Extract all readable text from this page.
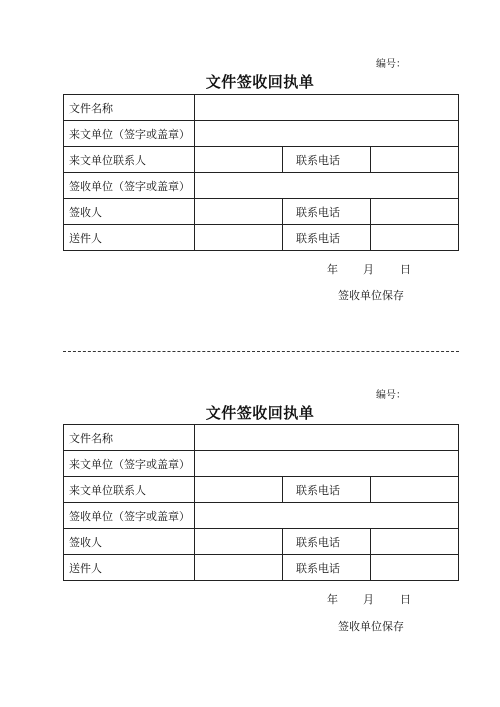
编号：
文件签收回执单
文件名称			
来文单位（签字或盖章）			
来文单位联系人		联系电话	
签收单位（签字或盖章）			
签收人		联系电话	
送件人		联系电话	
年 月 日
签收单位保存
编号：
文件签收回执单
文件名称			
来文单位（签字或盖章）			
来文单位联系人		联系电话	
签收单位（签字或盖章）			
签收人		联系电话	
送件人		联系电话	
年 月 日
签收单位保存
